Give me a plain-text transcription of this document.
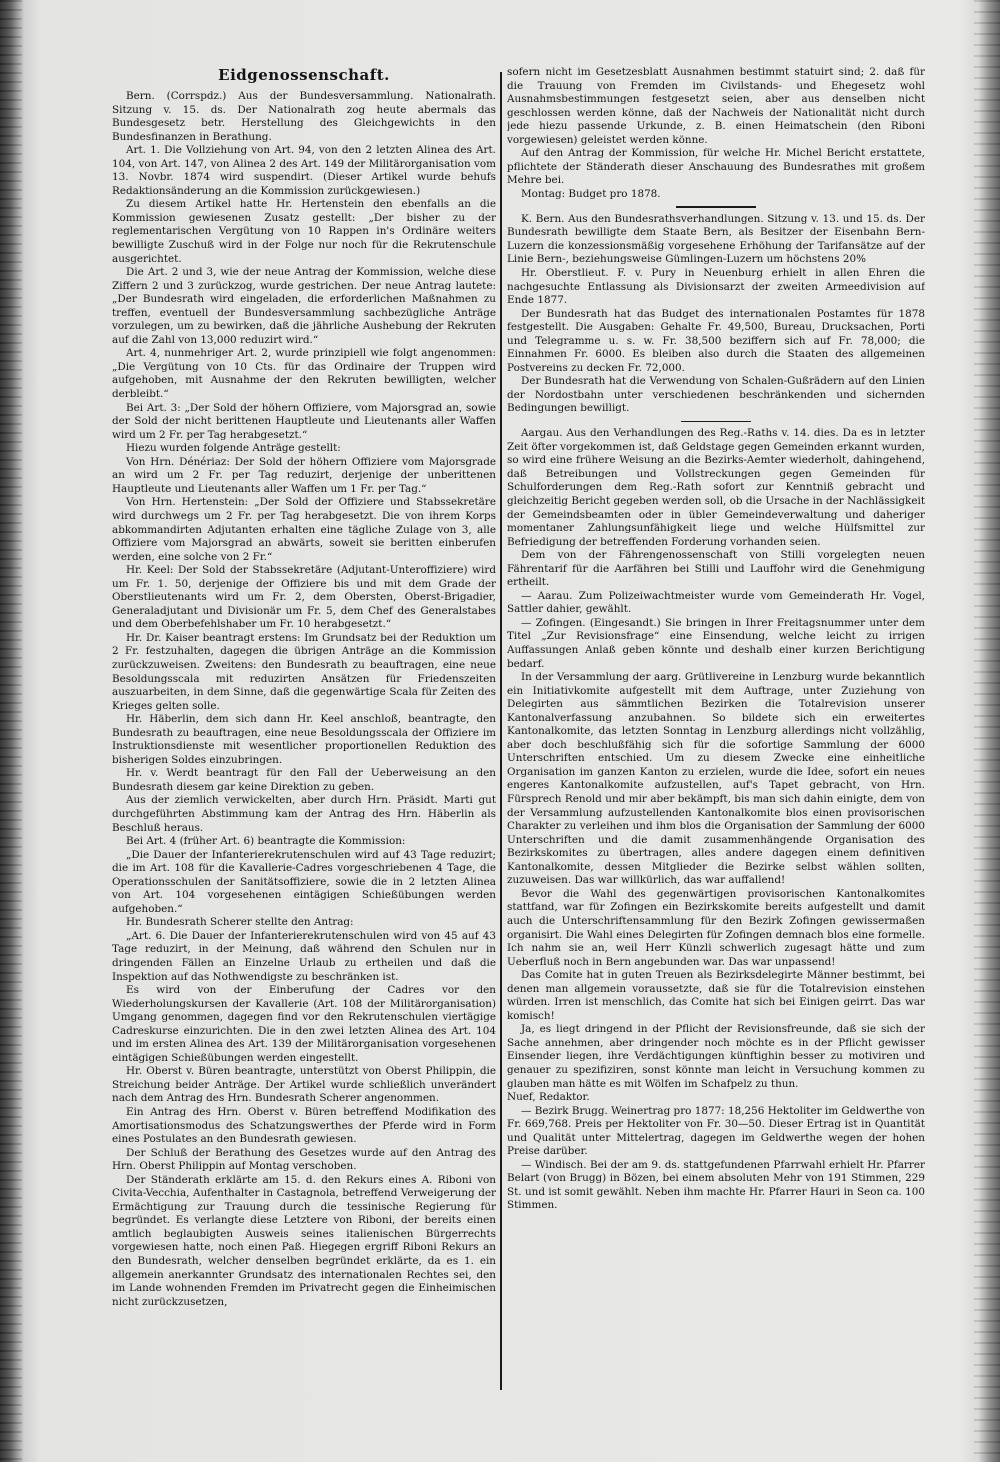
Eidgenossenschaft.

Bern. (Corrspdz.) Aus der Bundesversammlung. Nationalrath. Sitzung v. 15. ds. Der Nationalrath zog heute abermals das Bundesgesetz betr. Herstellung des Gleichgewichts in den Bundesfinanzen in Berathung.

Art. 1. Die Vollziehung von Art. 94, von den 2 letzten Alinea des Art. 104, von Art. 147, von Alinea 2 des Art. 149 der Militärorganisation vom 13. Novbr. 1874 wird suspendirt. (Dieser Artikel wurde behufs Redaktionsänderung an die Kommission zurückgewiesen.)

Zu diesem Artikel hatte Hr. Hertenstein den ebenfalls an die Kommission gewiesenen Zusatz gestellt: „Der bisher zu der reglementarischen Vergütung von 10 Rappen in's Ordinäre weiters bewilligte Zuschuß wird in der Folge nur noch für die Rekrutenschule ausgerichtet.

Die Art. 2 und 3, wie der neue Antrag der Kommission, welche diese Ziffern 2 und 3 zurückzog, wurde gestrichen. Der neue Antrag lautete: „Der Bundesrath wird eingeladen, die erforderlichen Maßnahmen zu treffen, eventuell der Bundesversammlung sachbezügliche Anträge vorzulegen, um zu bewirken, daß die jährliche Aushebung der Rekruten auf die Zahl von 13,000 reduzirt wird.“

Art. 4, nunmehriger Art. 2, wurde prinzipiell wie folgt angenommen: „Die Vergütung von 10 Cts. für das Ordinaire der Truppen wird aufgehoben, mit Ausnahme der den Rekruten bewilligten, welcher derbleibt.“

Bei Art. 3: „Der Sold der höhern Offiziere, vom Majorsgrad an, sowie der Sold der nicht berittenen Hauptleute und Lieutenants aller Waffen wird um 2 Fr. per Tag herabgesetzt.“

Hiezu wurden folgende Anträge gestellt:

Von Hrn. Dénériaz: Der Sold der höhern Offiziere vom Majorsgrade an wird um 2 Fr. per Tag reduzirt, derjenige der unberittenen Hauptleute und Lieutenants aller Waffen um 1 Fr. per Tag.“

Von Hrn. Hertenstein: „Der Sold der Offiziere und Stabssekretäre wird durchwegs um 2 Fr. per Tag herabgesetzt. Die von ihrem Korps abkommandirten Adjutanten erhalten eine tägliche Zulage von 3, alle Offiziere vom Majorsgrad an abwärts, soweit sie beritten einberufen werden, eine solche von 2 Fr.“

Hr. Keel: Der Sold der Stabssekretäre (Adjutant-Unteroffiziere) wird um Fr. 1. 50, derjenige der Offiziere bis und mit dem Grade der Oberstlieutenants wird um Fr. 2, dem Obersten, Oberst-Brigadier, Generaladjutant und Divisionär um Fr. 5, dem Chef des Generalstabes und dem Oberbefehlshaber um Fr. 10 herabgesetzt.“

Hr. Dr. Kaiser beantragt erstens: Im Grundsatz bei der Reduktion um 2 Fr. festzuhalten, dagegen die übrigen Anträge an die Kommission zurückzuweisen. Zweitens: den Bundesrath zu beauftragen, eine neue Besoldungsscala mit reduzirten Ansätzen für Friedenszeiten auszuarbeiten, in dem Sinne, daß die gegenwärtige Scala für Zeiten des Krieges gelten solle.

Hr. Häberlin, dem sich dann Hr. Keel anschloß, beantragte, den Bundesrath zu beauftragen, eine neue Besoldungsscala der Offiziere im Instruktionsdienste mit wesentlicher proportionellen Reduktion des bisherigen Soldes einzubringen.

Hr. v. Werdt beantragt für den Fall der Ueberweisung an den Bundesrath diesem gar keine Direktion zu geben.

Aus der ziemlich verwickelten, aber durch Hrn. Präsidt. Marti gut durchgeführten Abstimmung kam der Antrag des Hrn. Häberlin als Beschluß heraus.

Bei Art. 4 (früher Art. 6) beantragte die Kommission:

„Die Dauer der Infanterierekrutenschulen wird auf 43 Tage reduzirt; die im Art. 108 für die Kavallerie-Cadres vorgeschriebenen 4 Tage, die Operationsschulen der Sanitätsoffiziere, sowie die in 2 letzten Alinea von Art. 104 vorgesehenen eintägigen Schießübungen werden aufgehoben.“

Hr. Bundesrath Scherer stellte den Antrag:

„Art. 6. Die Dauer der Infanterierekrutenschulen wird von 45 auf 43 Tage reduzirt, in der Meinung, daß während den Schulen nur in dringenden Fällen an Einzelne Urlaub zu ertheilen und daß die Inspektion auf das Nothwendigste zu beschränken ist.

Es wird von der Einberufung der Cadres vor den Wiederholungskursen der Kavallerie (Art. 108 der Militärorganisation) Umgang genommen, dagegen find vor den Rekrutenschulen viertägige Cadreskurse einzurichten. Die in den zwei letzten Alinea des Art. 104 und im ersten Alinea des Art. 139 der Militärorganisation vorgesehenen eintägigen Schießübungen werden eingestellt.

Hr. Oberst v. Büren beantragte, unterstützt von Oberst Philippin, die Streichung beider Anträge. Der Artikel wurde schließlich unverändert nach dem Antrag des Hrn. Bundesrath Scherer angenommen.

Ein Antrag des Hrn. Oberst v. Büren betreffend Modifikation des Amortisationsmodus des Schatzungswerthes der Pferde wird in Form eines Postulates an den Bundesrath gewiesen.

Der Schluß der Berathung des Gesetzes wurde auf den Antrag des Hrn. Oberst Philippin auf Montag verschoben.

Der Ständerath erklärte am 15. d. den Rekurs eines A. Riboni von Civita-Vecchia, Aufenthalter in Castagnola, betreffend Verweigerung der Ermächtigung zur Trauung durch die tessinische Regierung für begründet. Es verlangte diese Letztere von Riboni, der bereits einen amtlich beglaubigten Ausweis seines italienischen Bürgerrechts vorgewiesen hatte, noch einen Paß. Hiegegen ergriff Riboni Rekurs an den Bundesrath, welcher denselben begründet erklärte, da es 1. ein allgemein anerkannter Grundsatz des internationalen Rechtes sei, den im Lande wohnenden Fremden im Privatrecht gegen die Einheimischen nicht zurückzusetzen,

sofern nicht im Gesetzesblatt Ausnahmen bestimmt statuirt sind; 2. daß für die Trauung von Fremden im Civilstands- und Ehegesetz wohl Ausnahmsbestimmungen festgesetzt seien, aber aus denselben nicht geschlossen werden könne, daß der Nachweis der Nationalität nicht durch jede hiezu passende Urkunde, z. B. einen Heimatschein (den Riboni vorgewiesen) geleistet werden könne.

Auf den Antrag der Kommission, für welche Hr. Michel Bericht erstattete, pflichtete der Ständerath dieser Anschauung des Bundesrathes mit großem Mehre bei.

Montag: Budget pro 1878.

K. Bern. Aus den Bundesrathsverhandlungen. Sitzung v. 13. und 15. ds. Der Bundesrath bewilligte dem Staate Bern, als Besitzer der Eisenbahn Bern-Luzern die konzessionsmäßig vorgesehene Erhöhung der Tarifansätze auf der Linie Bern-, beziehungsweise Gümlingen-Luzern um höchstens 20%

Hr. Oberstlieut. F. v. Pury in Neuenburg erhielt in allen Ehren die nachgesuchte Entlassung als Divisionsarzt der zweiten Armeedivision auf Ende 1877.

Der Bundesrath hat das Budget des internationalen Postamtes für 1878 festgestellt. Die Ausgaben: Gehalte Fr. 49,500, Bureau, Drucksachen, Porti und Telegramme u. s. w. Fr. 38,500 beziffern sich auf Fr. 78,000; die Einnahmen Fr. 6000. Es bleiben also durch die Staaten des allgemeinen Postvereins zu decken Fr. 72,000.

Der Bundesrath hat die Verwendung von Schalen-Gußrädern auf den Linien der Nordostbahn unter verschiedenen beschränkenden und sichernden Bedingungen bewilligt.

Aargau. Aus den Verhandlungen des Reg.-Raths v. 14. dies. Da es in letzter Zeit öfter vorgekommen ist, daß Geldstage gegen Gemeinden erkannt wurden, so wird eine frühere Weisung an die Bezirks-Aemter wiederholt, dahingehend, daß Betreibungen und Vollstreckungen gegen Gemeinden für Schulforderungen dem Reg.-Rath sofort zur Kenntniß gebracht und gleichzeitig Bericht gegeben werden soll, ob die Ursache in der Nachlässigkeit der Gemeindsbeamten oder in übler Gemeindeverwaltung und daheriger momentaner Zahlungsunfähigkeit liege und welche Hülfsmittel zur Befriedigung der betreffenden Forderung vorhanden seien.

Dem von der Fährengenossenschaft von Stilli vorgelegten neuen Fährentarif für die Aarfähren bei Stilli und Lauffohr wird die Genehmigung ertheilt.

— Aarau. Zum Polizeiwachtmeister wurde vom Gemeinderath Hr. Vogel, Sattler dahier, gewählt.

— Zofingen. (Eingesandt.) Sie bringen in Ihrer Freitagsnummer unter dem Titel „Zur Revisionsfrage“ eine Einsendung, welche leicht zu irrigen Auffassungen Anlaß geben könnte und deshalb einer kurzen Berichtigung bedarf.

In der Versammlung der aarg. Grütlivereine in Lenzburg wurde bekanntlich ein Initiativkomite aufgestellt mit dem Auftrage, unter Zuziehung von Delegirten aus sämmtlichen Bezirken die Totalrevision unserer Kantonalverfassung anzubahnen. So bildete sich ein erweitertes Kantonalkomite, das letzten Sonntag in Lenzburg allerdings nicht vollzählig, aber doch beschlußfähig sich für die sofortige Sammlung der 6000 Unterschriften entschied. Um zu diesem Zwecke eine einheitliche Organisation im ganzen Kanton zu erzielen, wurde die Idee, sofort ein neues engeres Kantonalkomite aufzustellen, auf's Tapet gebracht, von Hrn. Fürsprech Renold und mir aber bekämpft, bis man sich dahin einigte, dem von der Versammlung aufzustellenden Kantonalkomite blos einen provisorischen Charakter zu verleihen und ihm blos die Organisation der Sammlung der 6000 Unterschriften und die damit zusammenhängende Organisation des Bezirkskomites zu übertragen, alles andere dagegen einem definitiven Kantonalkomite, dessen Mitglieder die Bezirke selbst wählen sollten, zuzuweisen. Das war willkürlich, das war auffallend!

Bevor die Wahl des gegenwärtigen provisorischen Kantonalkomites stattfand, war für Zofingen ein Bezirkskomite bereits aufgestellt und damit auch die Unterschriftensammlung für den Bezirk Zofingen gewissermaßen organisirt. Die Wahl eines Delegirten für Zofingen demnach blos eine formelle. Ich nahm sie an, weil Herr Künzli schwerlich zugesagt hätte und zum Ueberfluß noch in Bern angebunden war. Das war unpassend!

Das Comite hat in guten Treuen als Bezirksdelegirte Männer bestimmt, bei denen man allgemein voraussetzte, daß sie für die Totalrevision einstehen würden. Irren ist menschlich, das Comite hat sich bei Einigen geirrt. Das war komisch!

Ja, es liegt dringend in der Pflicht der Revisionsfreunde, daß sie sich der Sache annehmen, aber dringender noch möchte es in der Pflicht gewisser Einsender liegen, ihre Verdächtigungen künftighin besser zu motiviren und genauer zu spezifiziren, sonst könnte man leicht in Versuchung kommen zu glauben man hätte es mit Wölfen im Schafpelz zu thun.

Nuef, Redaktor.

— Bezirk Brugg. Weinertrag pro 1877: 18,256 Hektoliter im Geldwerthe von Fr. 669,768. Preis per Hektoliter von Fr. 30—50. Dieser Ertrag ist in Quantität und Qualität unter Mittelertrag, dagegen im Geldwerthe wegen der hohen Preise darüber.

— Windisch. Bei der am 9. ds. stattgefundenen Pfarrwahl erhielt Hr. Pfarrer Belart (von Brugg) in Bözen, bei einem absoluten Mehr von 191 Stimmen, 229 St. und ist somit gewählt. Neben ihm machte Hr. Pfarrer Hauri in Seon ca. 100 Stimmen.
